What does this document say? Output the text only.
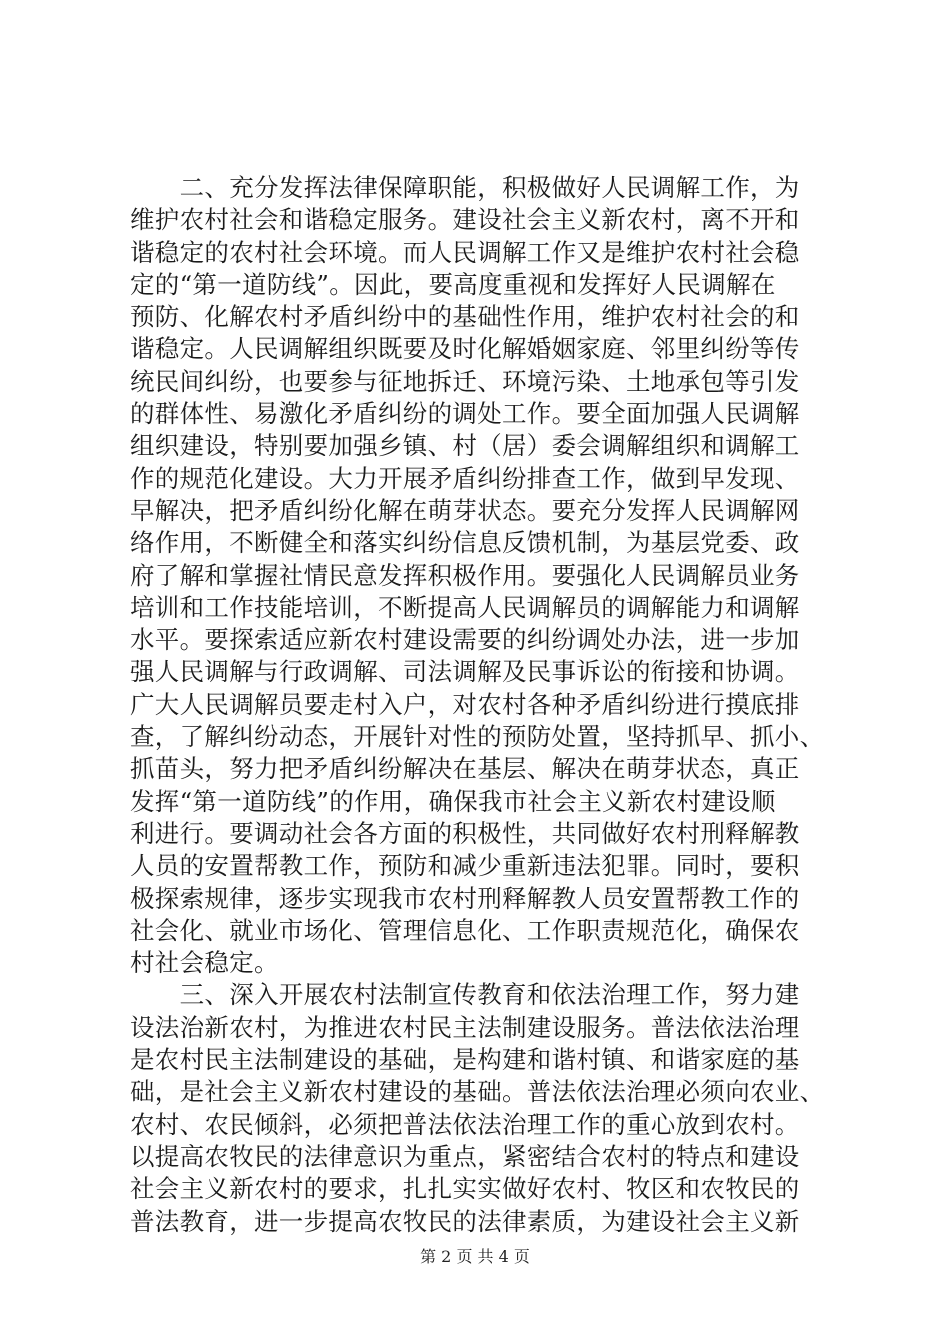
　　二、充分发挥法律保障职能，积极做好人民调解工作，为
维护农村社会和谐稳定服务。建设社会主义新农村，离不开和
谐稳定的农村社会环境。而人民调解工作又是维护农村社会稳
定的“第一道防线”。因此，要高度重视和发挥好人民调解在
预防、化解农村矛盾纠纷中的基础性作用，维护农村社会的和
谐稳定。人民调解组织既要及时化解婚姻家庭、邻里纠纷等传
统民间纠纷，也要参与征地拆迁、环境污染、土地承包等引发
的群体性、易激化矛盾纠纷的调处工作。要全面加强人民调解
组织建设，特别要加强乡镇、村（居）委会调解组织和调解工
作的规范化建设。大力开展矛盾纠纷排查工作，做到早发现、
早解决，把矛盾纠纷化解在萌芽状态。要充分发挥人民调解网
络作用，不断健全和落实纠纷信息反馈机制，为基层党委、政
府了解和掌握社情民意发挥积极作用。要强化人民调解员业务
培训和工作技能培训，不断提高人民调解员的调解能力和调解
水平。要探索适应新农村建设需要的纠纷调处办法，进一步加
强人民调解与行政调解、司法调解及民事诉讼的衔接和协调。
广大人民调解员要走村入户，对农村各种矛盾纠纷进行摸底排
查，了解纠纷动态，开展针对性的预防处置，坚持抓早、抓小、
抓苗头，努力把矛盾纠纷解决在基层、解决在萌芽状态，真正
发挥“第一道防线”的作用，确保我市社会主义新农村建设顺
利进行。要调动社会各方面的积极性，共同做好农村刑释解教
人员的安置帮教工作，预防和减少重新违法犯罪。同时，要积
极探索规律，逐步实现我市农村刑释解教人员安置帮教工作的
社会化、就业市场化、管理信息化、工作职责规范化，确保农
村社会稳定。
　　三、深入开展农村法制宣传教育和依法治理工作，努力建
设法治新农村，为推进农村民主法制建设服务。普法依法治理
是农村民主法制建设的基础，是构建和谐村镇、和谐家庭的基
础，是社会主义新农村建设的基础。普法依法治理必须向农业、
农村、农民倾斜，必须把普法依法治理工作的重心放到农村。
以提高农牧民的法律意识为重点，紧密结合农村的特点和建设
社会主义新农村的要求，扎扎实实做好农村、牧区和农牧民的
普法教育，进一步提高农牧民的法律素质，为建设社会主义新
第 2 页 共 4 页
